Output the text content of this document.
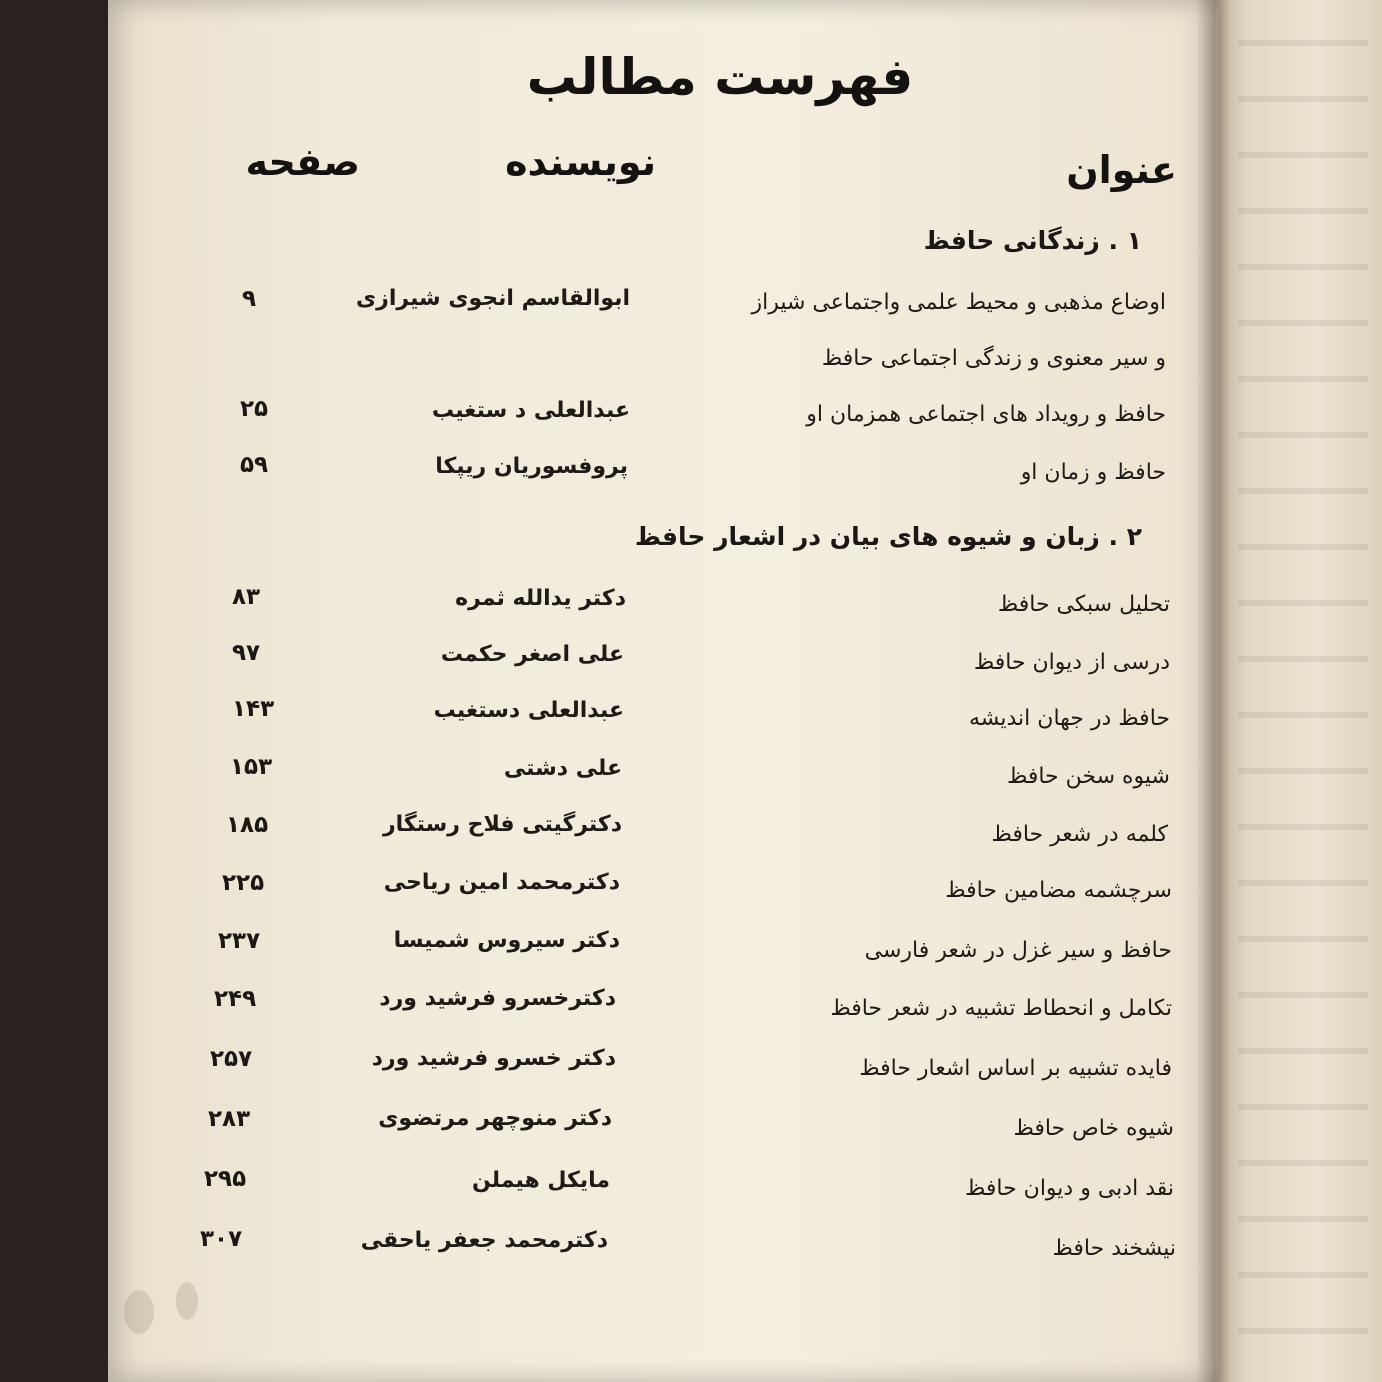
فهرست مطالب
عنوان
نویسنده
صفحه
۱ . زندگانی حافظ
۲ . زبان و شیوه های بیان در اشعار حافظ
اوضاع مذهبی و محیط علمی واجتماعی شیراز
ابوالقاسم انجوی شیرازی
۹
و سیر معنوی و زندگی اجتماعی حافظ
حافظ و رویداد های اجتماعی همزمان او
عبدالعلی د ستغیب
۲۵
حافظ و زمان او
پروفسوریان ریپکا
۵۹
تحلیل سبکی حافظ
دکتر یدالله ثمره
۸۳
درسی از دیوان حافظ
علی اصغر حکمت
۹۷
حافظ در جهان اندیشه
عبدالعلی دستغیب
۱۴۳
شیوه سخن حافظ
علی دشتی
۱۵۳
کلمه در شعر حافظ
دکترگیتی فلاح رستگار
۱۸۵
سرچشمه مضامین حافظ
دکترمحمد امین ریاحی
۲۲۵
حافظ و سیر غزل در شعر فارسی
دکتر سیروس شمیسا
۲۳۷
تکامل و انحطاط تشبیه در شعر حافظ
دکترخسرو فرشید ورد
۲۴۹
فایده تشبیه بر اساس اشعار حافظ
دکتر خسرو فرشید ورد
۲۵۷
شیوه خاص حافظ
دکتر منوچهر مرتضوی
۲۸۳
نقد ادبی و دیوان حافظ
مایکل هیملن
۲۹۵
نیشخند حافظ
دکترمحمد جعفر یاحقی
۳۰۷
